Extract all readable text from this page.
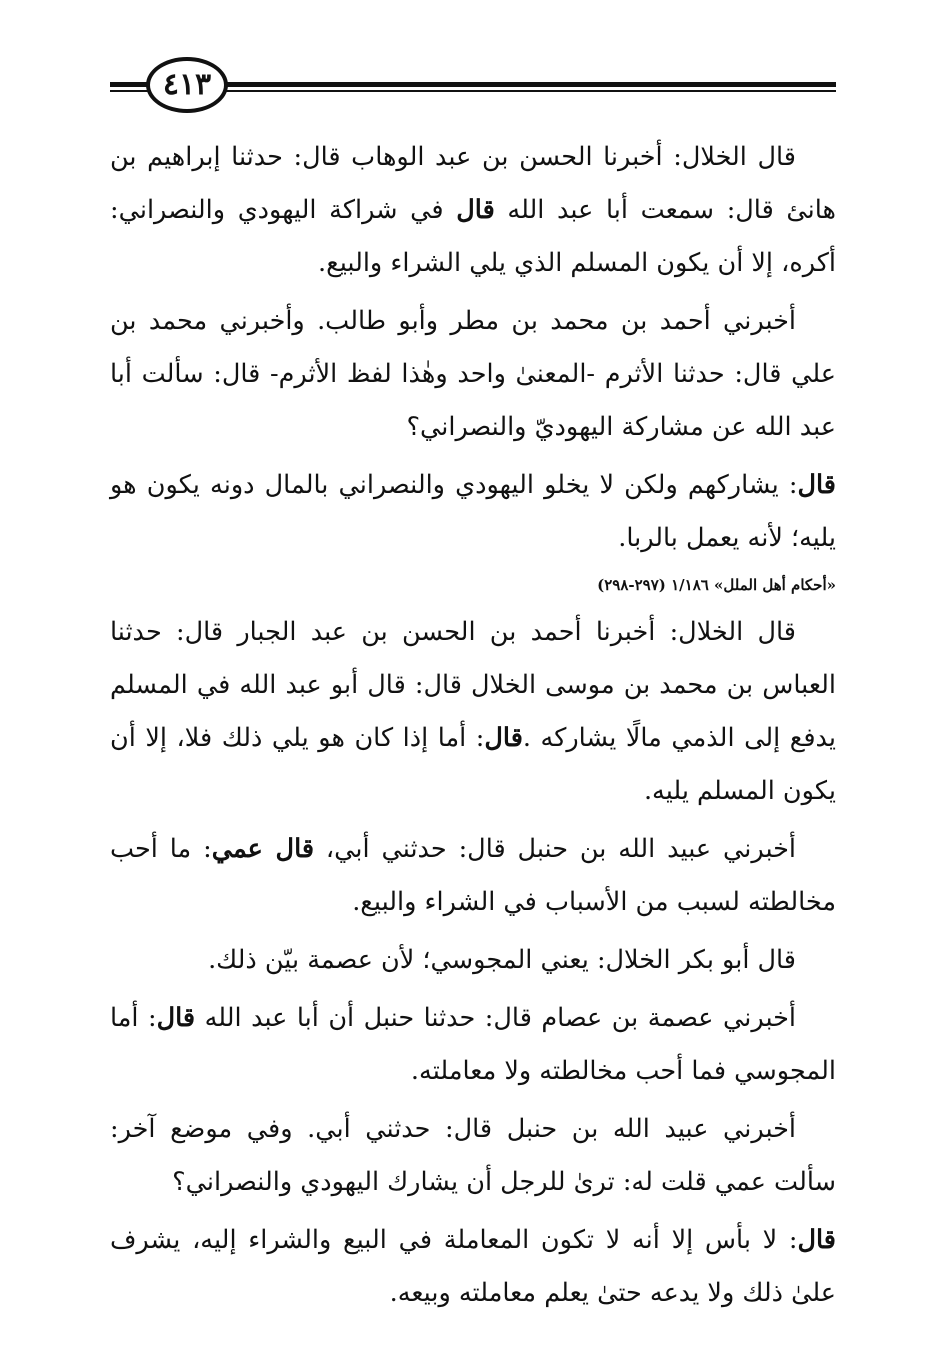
٤١٣

قال الخلال: أخبرنا الحسن بن عبد الوهاب قال: حدثنا إبراهيم بن هانئ قال: سمعت أبا عبد الله قال في شراكة اليهودي والنصراني: أكره، إلا أن يكون المسلم الذي يلي الشراء والبيع.

أخبرني أحمد بن محمد بن مطر وأبو طالب. وأخبرني محمد بن علي قال: حدثنا الأثرم -المعنىٰ واحد وهٰذا لفظ الأثرم- قال: سألت أبا عبد الله عن مشاركة اليهوديّ والنصراني؟

قال: يشاركهم ولكن لا يخلو اليهودي والنصراني بالمال دونه يكون هو يليه؛ لأنه يعمل بالربا.

«أحكام أهل الملل» ١/١٨٦ (٢٩٧-٢٩٨)

قال الخلال: أخبرنا أحمد بن الحسن بن عبد الجبار قال: حدثنا العباس بن محمد بن موسى الخلال قال: قال أبو عبد الله في المسلم يدفع إلى الذمي مالًا يشاركه .قال: أما إذا كان هو يلي ذلك فلا، إلا أن يكون المسلم يليه.

أخبرني عبيد الله بن حنبل قال: حدثني أبي، قال عمي: ما أحب مخالطته لسبب من الأسباب في الشراء والبيع.

قال أبو بكر الخلال: يعني المجوسي؛ لأن عصمة بيّن ذلك.

أخبرني عصمة بن عصام قال: حدثنا حنبل أن أبا عبد الله قال: أما المجوسي فما أحب مخالطته ولا معاملته.

أخبرني عبيد الله بن حنبل قال: حدثني أبي. وفي موضع آخر: سألت عمي قلت له: ترىٰ للرجل أن يشارك اليهودي والنصراني؟

قال: لا بأس إلا أنه لا تكون المعاملة في البيع والشراء إليه، يشرف علىٰ ذلك ولا يدعه حتىٰ يعلم معاملته وبيعه.
